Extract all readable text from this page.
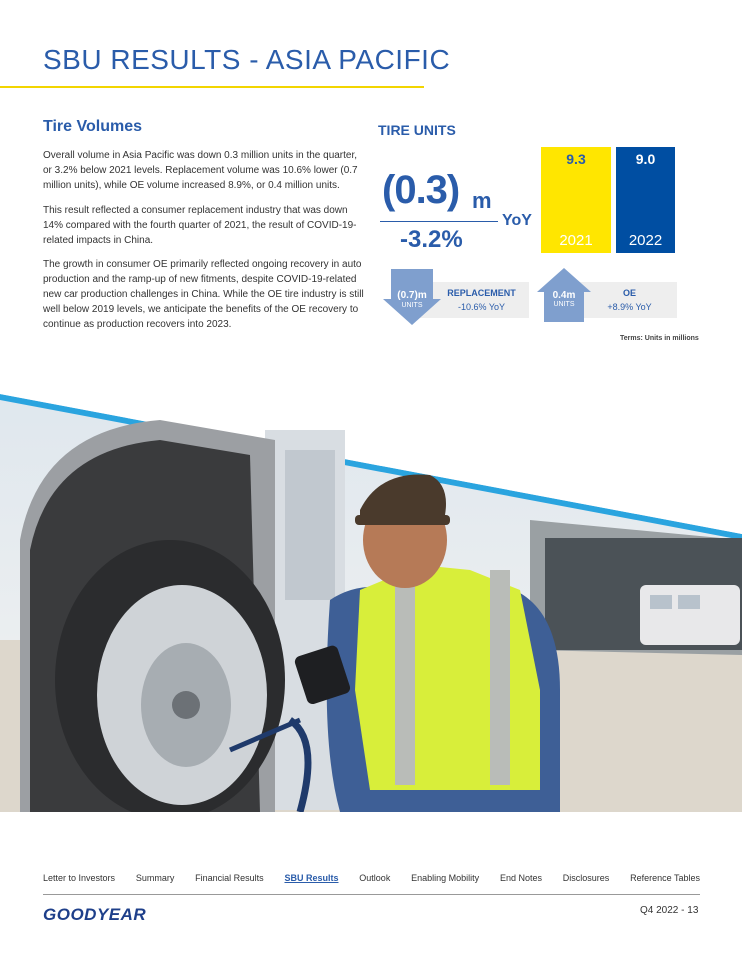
SBU RESULTS - ASIA PACIFIC
Tire Volumes

Overall volume in Asia Pacific was down 0.3 million units in the quarter, or 3.2% below 2021 levels. Replacement volume was 10.6% lower (0.7 million units), while OE volume increased 8.9%, or 0.4 million units.

This result reflected a consumer replacement industry that was down 14% compared with the fourth quarter of 2021, the result of COVID-19-related impacts in China.

The growth in consumer OE primarily reflected ongoing recovery in auto production and the ramp-up of new fitments, despite COVID-19-related new car production challenges in China. While the OE tire industry is still well below 2019 levels, we anticipate the benefits of the OE recovery to continue as production recovers into 2023.

TIRE UNITS
(0.3) m
YoY
-3.2%
9.3
2021
9.0
2022
REPLACEMENT
-10.6% YoY
(0.7)m
UNITS
OE
+8.9% YoY
0.4m
UNITS
Terms: Units in millions
Letter to Investors Summary Financial Results SBU Results Outlook Enabling Mobility End Notes Disclosures Reference Tables
GOODYEAR	Q4 2022 - 13
